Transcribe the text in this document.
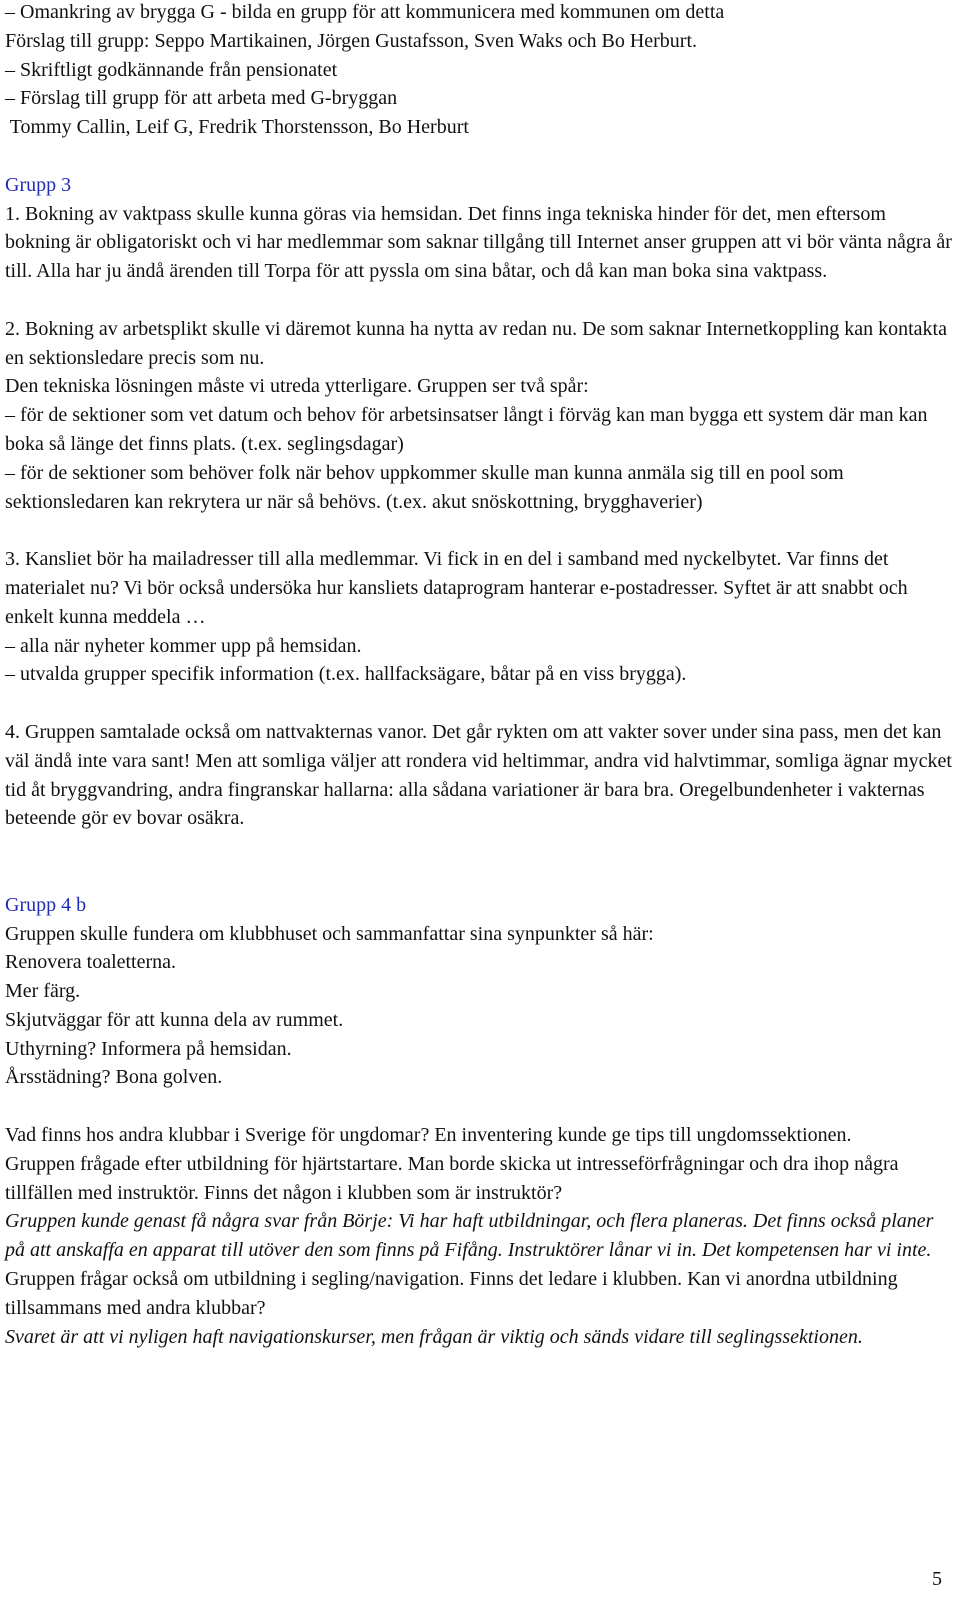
– Omankring av brygga G - bilda en grupp för att kommunicera med kommunen om detta

Förslag till grupp: Seppo Martikainen, Jörgen Gustafsson, Sven Waks och Bo Herburt.

– Skriftligt godkännande från pensionatet

– Förslag till grupp för att arbeta med G-bryggan

Tommy Callin, Leif G, Fredrik Thorstensson, Bo Herburt

Grupp 3

1. Bokning av vaktpass skulle kunna göras via hemsidan. Det finns inga tekniska hinder för det, men eftersom bokning är obligatoriskt och vi har medlemmar som saknar tillgång till Internet anser gruppen att vi bör vänta några år till. Alla har ju ändå ärenden till Torpa för att pyssla om sina båtar, och då kan man boka sina vaktpass.

2. Bokning av arbetsplikt skulle vi däremot kunna ha nytta av redan nu. De som saknar Internetkoppling kan kontakta en sektionsledare precis som nu.

Den tekniska lösningen måste vi utreda ytterligare. Gruppen ser två spår:

– för de sektioner som vet datum och behov för arbetsinsatser långt i förväg kan man bygga ett system där man kan boka så länge det finns plats. (t.ex. seglingsdagar)

– för de sektioner som behöver folk när behov uppkommer skulle man kunna anmäla sig till en pool som sektionsledaren kan rekrytera ur när så behövs. (t.ex. akut snöskottning, brygghaverier)

3. Kansliet bör ha mailadresser till alla medlemmar. Vi fick in en del i samband med nyckelbytet. Var finns det materialet nu? Vi bör också undersöka hur kansliets dataprogram hanterar e-postadresser. Syftet är att snabbt och enkelt kunna meddela …

– alla när nyheter kommer upp på hemsidan.

– utvalda grupper specifik information (t.ex. hallfacksägare, båtar på en viss brygga).

4. Gruppen samtalade också om nattvakternas vanor. Det går rykten om att vakter sover under sina pass, men det kan väl ändå inte vara sant! Men att somliga väljer att rondera vid heltimmar, andra vid halvtimmar, somliga ägnar mycket tid åt bryggvandring, andra fingranskar hallarna: alla sådana variationer är bara bra. Oregelbundenheter i vakternas beteende gör ev bovar osäkra.

Grupp 4 b

Gruppen skulle fundera om klubbhuset och sammanfattar sina synpunkter så här:

Renovera toaletterna.

Mer färg.

Skjutväggar för att kunna dela av rummet.

Uthyrning? Informera på hemsidan.

Årsstädning? Bona golven.

Vad finns hos andra klubbar i Sverige för ungdomar? En inventering kunde ge tips till ungdomssektionen.

Gruppen frågade efter utbildning för hjärtstartare. Man borde skicka ut intresseförfrågningar och dra ihop några tillfällen med instruktör. Finns det någon i klubben som är instruktör?

Gruppen kunde genast få några svar från Börje: Vi har haft utbildningar, och flera planeras. Det finns också planer på att anskaffa en apparat till utöver den som finns på Fifång. Instruktörer lånar vi in. Det kompetensen har vi inte.

Gruppen frågar också om utbildning i segling/navigation. Finns det ledare i klubben. Kan vi anordna utbildning tillsammans med andra klubbar?

Svaret är att vi nyligen haft navigationskurser, men frågan är viktig och sänds vidare till seglingssektionen.

5
